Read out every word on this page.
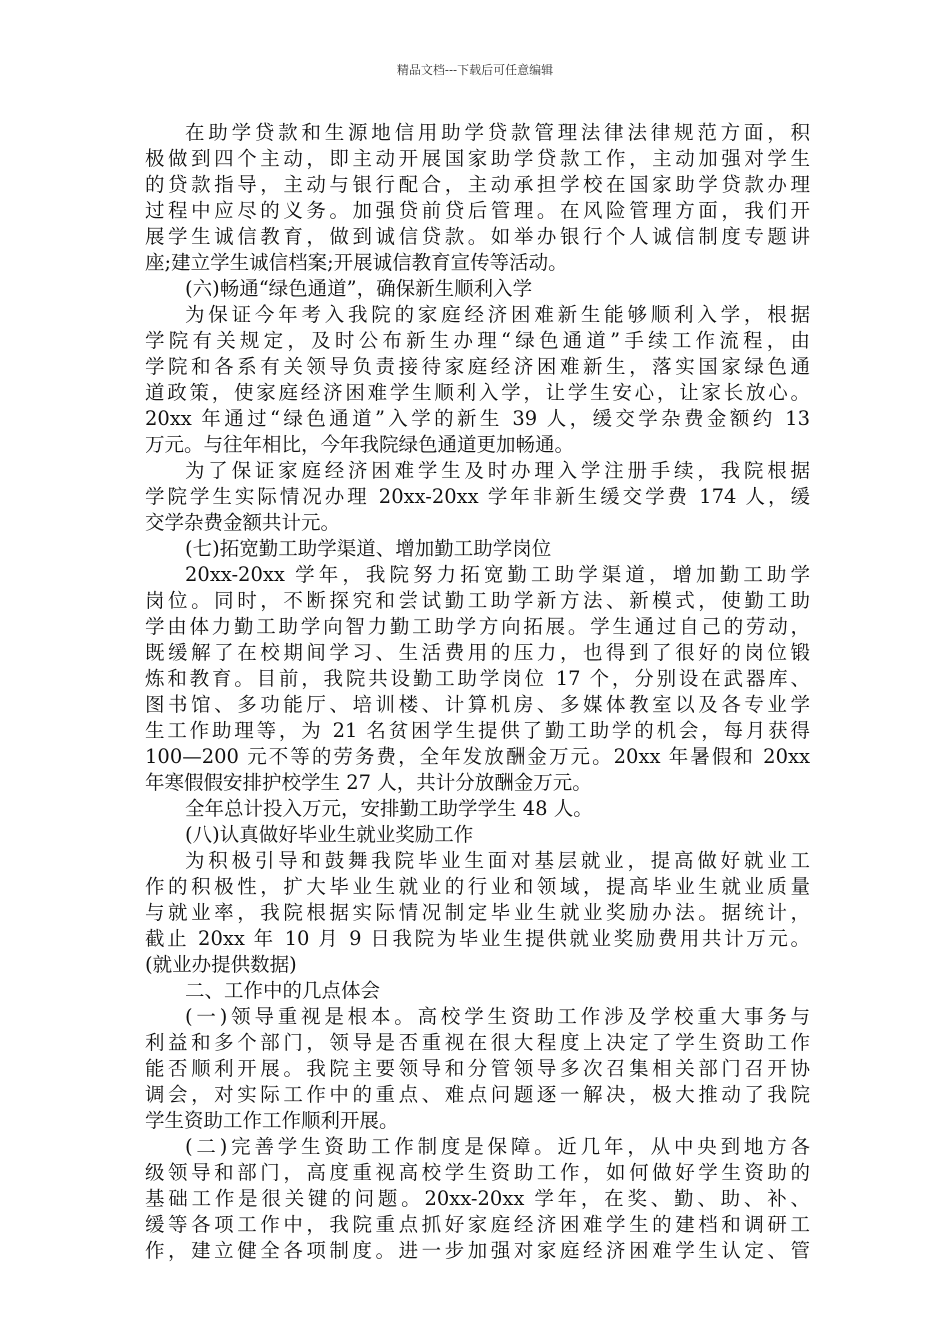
精品文档---下载后可任意编辑
在助学贷款和生源地信用助学贷款管理法律法律规范方面，积
极做到四个主动，即主动开展国家助学贷款工作，主动加强对学生
的贷款指导，主动与银行配合，主动承担学校在国家助学贷款办理
过程中应尽的义务。加强贷前贷后管理。在风险管理方面，我们开
展学生诚信教育，做到诚信贷款。如举办银行个人诚信制度专题讲
座;建立学生诚信档案;开展诚信教育宣传等活动。
(六)畅通“绿色通道”，确保新生顺利入学
为保证今年考入我院的家庭经济困难新生能够顺利入学，根据
学院有关规定，及时公布新生办理“绿色通道”手续工作流程，由
学院和各系有关领导负责接待家庭经济困难新生，落实国家绿色通
道政策，使家庭经济困难学生顺利入学，让学生安心，让家长放心。
20xx 年通过“绿色通道”入学的新生 39 人，缓交学杂费金额约 13
万元。与往年相比，今年我院绿色通道更加畅通。
为了保证家庭经济困难学生及时办理入学注册手续，我院根据
学院学生实际情况办理 20xx-20xx 学年非新生缓交学费 174 人，缓
交学杂费金额共计元。
(七)拓宽勤工助学渠道、增加勤工助学岗位
20xx-20xx 学年，我院努力拓宽勤工助学渠道，增加勤工助学
岗位。同时，不断探究和尝试勤工助学新方法、新模式，使勤工助
学由体力勤工助学向智力勤工助学方向拓展。学生通过自己的劳动，
既缓解了在校期间学习、生活费用的压力，也得到了很好的岗位锻
炼和教育。目前，我院共设勤工助学岗位 17 个，分别设在武器库、
图书馆、多功能厅、培训楼、计算机房、多媒体教室以及各专业学
生工作助理等，为 21 名贫困学生提供了勤工助学的机会，每月获得
100—200 元不等的劳务费，全年发放酬金万元。20xx 年暑假和 20xx
年寒假假安排护校学生 27 人，共计分放酬金万元。
全年总计投入万元，安排勤工助学学生 48 人。
(八)认真做好毕业生就业奖励工作
为积极引导和鼓舞我院毕业生面对基层就业，提高做好就业工
作的积极性，扩大毕业生就业的行业和领域，提高毕业生就业质量
与就业率，我院根据实际情况制定毕业生就业奖励办法。据统计，
截止 20xx 年 10 月 9 日我院为毕业生提供就业奖励费用共计万元。
(就业办提供数据)
二、工作中的几点体会
(一)领导重视是根本。高校学生资助工作涉及学校重大事务与
利益和多个部门，领导是否重视在很大程度上决定了学生资助工作
能否顺利开展。我院主要领导和分管领导多次召集相关部门召开协
调会，对实际工作中的重点、难点问题逐一解决，极大推动了我院
学生资助工作工作顺利开展。
(二)完善学生资助工作制度是保障。近几年，从中央到地方各
级领导和部门，高度重视高校学生资助工作，如何做好学生资助的
基础工作是很关键的问题。20xx-20xx 学年，在奖、勤、助、补、
缓等各项工作中，我院重点抓好家庭经济困难学生的建档和调研工
作，建立健全各项制度。进一步加强对家庭经济困难学生认定、管
